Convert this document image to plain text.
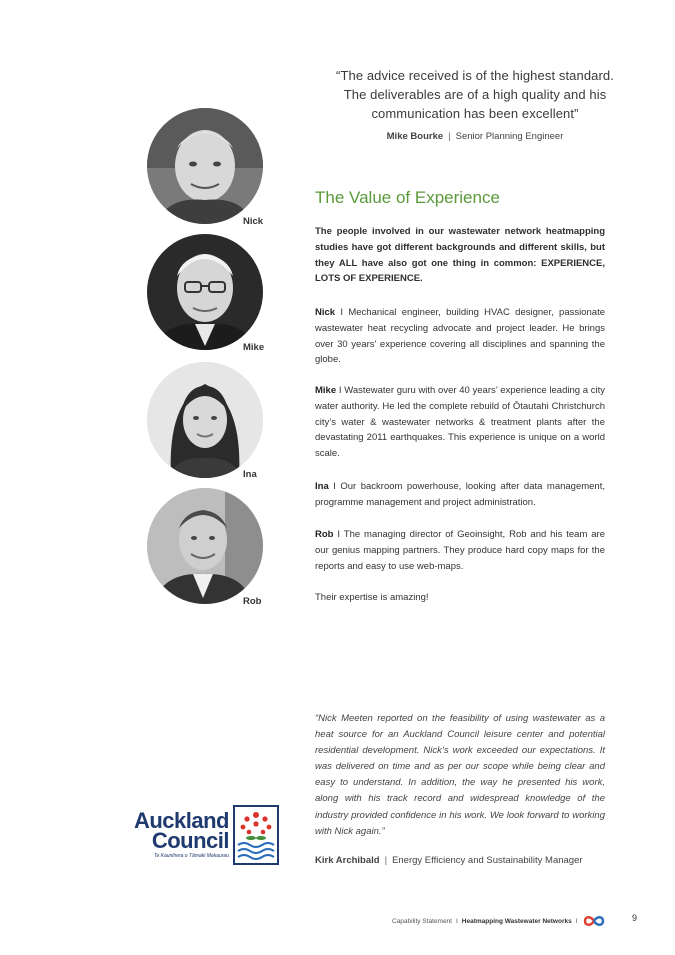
“The advice received is of the highest standard.
The deliverables are of a high quality and his
communication has been excellent”
Mike Bourke | Senior Planning Engineer
The Value of Experience
The people involved in our wastewater network heatmapping studies have got different backgrounds and different skills, but they ALL have also got one thing in common: EXPERIENCE, LOTS OF EXPERIENCE.
Nick I Mechanical engineer, building HVAC designer, passionate wastewater heat recycling advocate and project leader. He brings over 30 years’ experience covering all disciplines and spanning the globe.
Mike I Wastewater guru with over 40 years’ experience leading a city water authority. He led the complete rebuild of Ōtautahi Christchurch city’s water & wastewater networks & treatment plants after the devastating 2011 earthquakes. This experience is unique on a world scale.
Ina I Our backroom powerhouse, looking after data management, programme management and project administration.
Rob I The managing director of Geoinsight, Rob and his team are our genius mapping partners. They produce hard copy maps for the reports and easy to use web-maps.
Their expertise is amazing!
Nick
Mike
Ina
Rob
“Nick Meeten reported on the feasibility of using wastewater as a heat source for an Auckland Council leisure center and potential residential development. Nick’s work exceeded our expectations. It was delivered on time and as per our scope while being clear and easy to understand. In addition, the way he presented his work, along with his track record and widespread knowledge of the industry provided confidence in his work. We look forward to working with Nick again.”
Kirk Archibald | Energy Efficiency and Sustainability Manager
Auckland
Council
Te Kaunihera o Tāmaki Makaurau
Capability Statement I Heatmapping Wastewater Networks I	9
